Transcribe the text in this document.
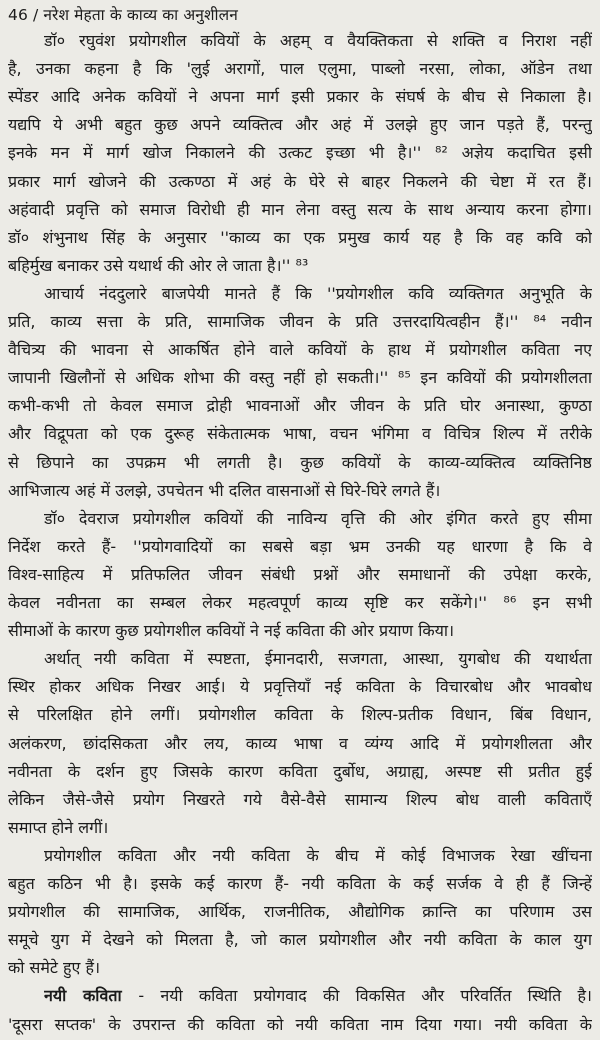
46 / नरेश मेहता के काव्य का अनुशीलन
डॉ० रघुवंश प्रयोगशील कवियों के अहम् व वैयक्तिकता से शक्ति व निराश नहीं
है, उनका कहना है कि 'लुई अरागों, पाल एलुमा, पाब्लो नरसा, लोका, ऑडेन तथा
स्पेंडर आदि अनेक कवियों ने अपना मार्ग इसी प्रकार के संघर्ष के बीच से निकाला है।
यद्यपि ये अभी बहुत कुछ अपने व्यक्तित्व और अहं में उलझे हुए जान पड़ते हैं, परन्तु
इनके मन में मार्ग खोज निकालने की उत्कट इच्छा भी है।'' ⁸² अज्ञेय कदाचित इसी
प्रकार मार्ग खोजने की उत्कण्ठा में अहं के घेरे से बाहर निकलने की चेष्टा में रत हैं।
अहंवादी प्रवृत्ति को समाज विरोधी ही मान लेना वस्तु सत्य के साथ अन्याय करना होगा।
डॉ० शंभुनाथ सिंह के अनुसार ''काव्य का एक प्रमुख कार्य यह है कि वह कवि को
बहिर्मुख बनाकर उसे यथार्थ की ओर ले जाता है।'' ⁸³
आचार्य नंददुलारे बाजपेयी मानते हैं कि ''प्रयोगशील कवि व्यक्तिगत अनुभूति के
प्रति, काव्य सत्ता के प्रति, सामाजिक जीवन के प्रति उत्तरदायित्वहीन हैं।'' ⁸⁴ नवीन
वैचित्र्य की भावना से आकर्षित होने वाले कवियों के हाथ में प्रयोगशील कविता नए
जापानी खिलौनों से अधिक शोभा की वस्तु नहीं हो सकती।'' ⁸⁵ इन कवियों की प्रयोगशीलता
कभी-कभी तो केवल समाज द्रोही भावनाओं और जीवन के प्रति घोर अनास्था, कुण्ठा
और विद्रूपता को एक दुरूह संकेतात्मक भाषा, वचन भंगिमा व विचित्र शिल्प में तरीके
से छिपाने का उपक्रम भी लगती है। कुछ कवियों के काव्य-व्यक्तित्व व्यक्तिनिष्ठ
आभिजात्य अहं में उलझे, उपचेतन भी दलित वासनाओं से घिरे-घिरे लगते हैं।
डॉ० देवराज प्रयोगशील कवियों की नाविन्य वृत्ति की ओर इंगित करते हुए सीमा
निर्देश करते हैं- ''प्रयोगवादियों का सबसे बड़ा भ्रम उनकी यह धारणा है कि वे
विश्व-साहित्य में प्रतिफलित जीवन संबंधी प्रश्नों और समाधानों की उपेक्षा करके,
केवल नवीनता का सम्बल लेकर महत्वपूर्ण काव्य सृष्टि कर सकेंगे।'' ⁸⁶ इन सभी
सीमाओं के कारण कुछ प्रयोगशील कवियों ने नई कविता की ओर प्रयाण किया।
अर्थात् नयी कविता में स्पष्टता, ईमानदारी, सजगता, आस्था, युगबोध की यथार्थता
स्थिर होकर अधिक निखर आई। ये प्रवृत्तियाँ नई कविता के विचारबोध और भावबोध
से परिलक्षित होने लगीं। प्रयोगशील कविता के शिल्प-प्रतीक विधान, बिंब विधान,
अलंकरण, छांदसिकता और लय, काव्य भाषा व व्यंग्य आदि में प्रयोगशीलता और
नवीनता के दर्शन हुए जिसके कारण कविता दुर्बोध, अग्राह्य, अस्पष्ट सी प्रतीत हुई
लेकिन जैसे-जैसे प्रयोग निखरते गये वैसे-वैसे सामान्य शिल्प बोध वाली कविताएँ
समाप्त होने लगीं।
प्रयोगशील कविता और नयी कविता के बीच में कोई विभाजक रेखा खींचना
बहुत कठिन भी है। इसके कई कारण हैं- नयी कविता के कई सर्जक वे ही हैं जिन्हें
प्रयोगशील की सामाजिक, आर्थिक, राजनीतिक, औद्योगिक क्रान्ति का परिणाम उस
समूचे युग में देखने को मिलता है, जो काल प्रयोगशील और नयी कविता के काल युग
को समेटे हुए हैं।
नयी कविता - नयी कविता प्रयोगवाद की विकसित और परिवर्तित स्थिति है।
'दूसरा सप्तक' के उपरान्त की कविता को नयी कविता नाम दिया गया। नयी कविता के
